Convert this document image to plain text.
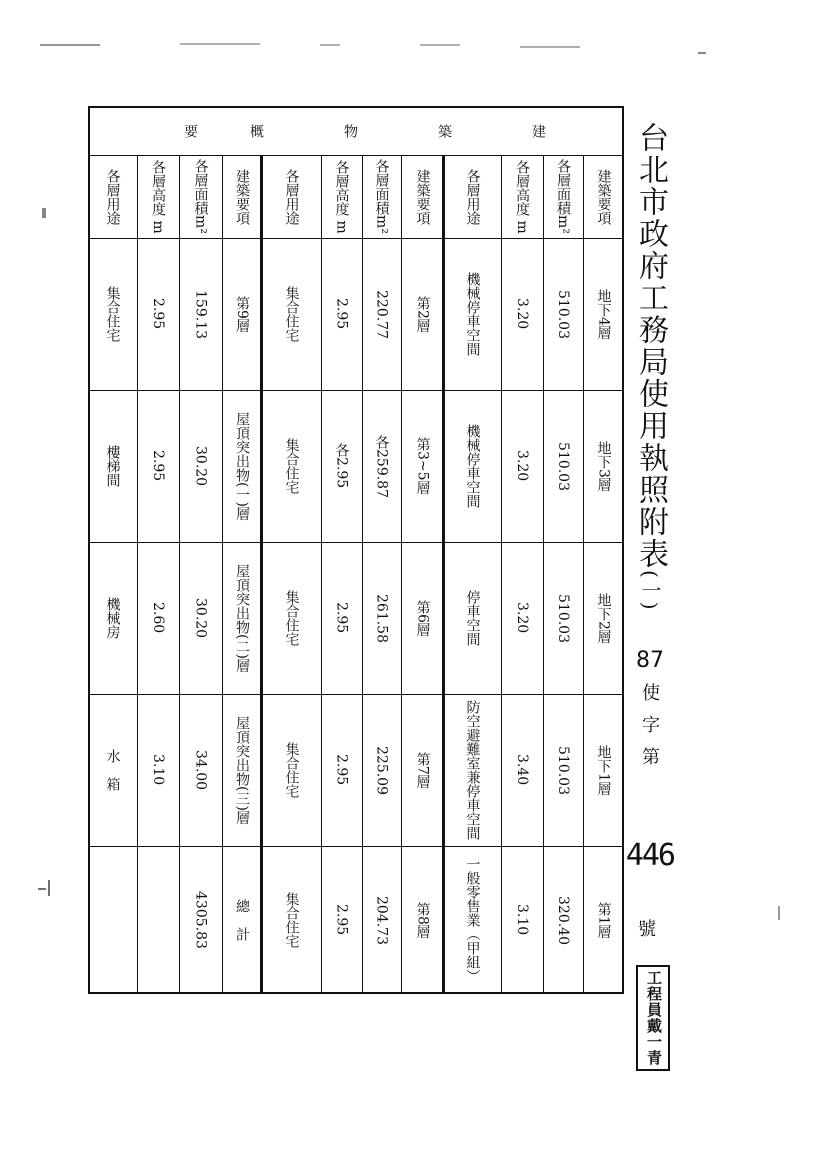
台北市政府工務局使用執照附表(一)
87
使字第
446
號
工程員戴一青
建
築
物
概
要
建築要項
地下4層
地下3層
地下2層
地下1層
第1層
各層面積m²
510.03
510.03
510.03
510.03
320.40
各層高度 m
3.20
3.20
3.20
3.40
3.10
各層用途
機械停車空間
機械停車空間
停車空間
防空避難室兼停車空間
一般零售業（甲組）
建築要項
第2層
第3~5層
第6層
第7層
第8層
各層面積m²
220.77
各259.87
261.58
225.09
204.73
各層高度 m
2.95
各2.95
2.95
2.95
2.95
各層用途
集合住宅
集合住宅
集合住宅
集合住宅
集合住宅
建築要項
第9層
屋頂突出物(一)層
屋頂突出物(二)層
屋頂突出物(三)層
總　計
各層面積m²
159.13
30.20
30.20
34.00
4305.83
各層高度 m
2.95
2.95
2.60
3.10
各層用途
集合住宅
樓梯間
機械房
水　箱
